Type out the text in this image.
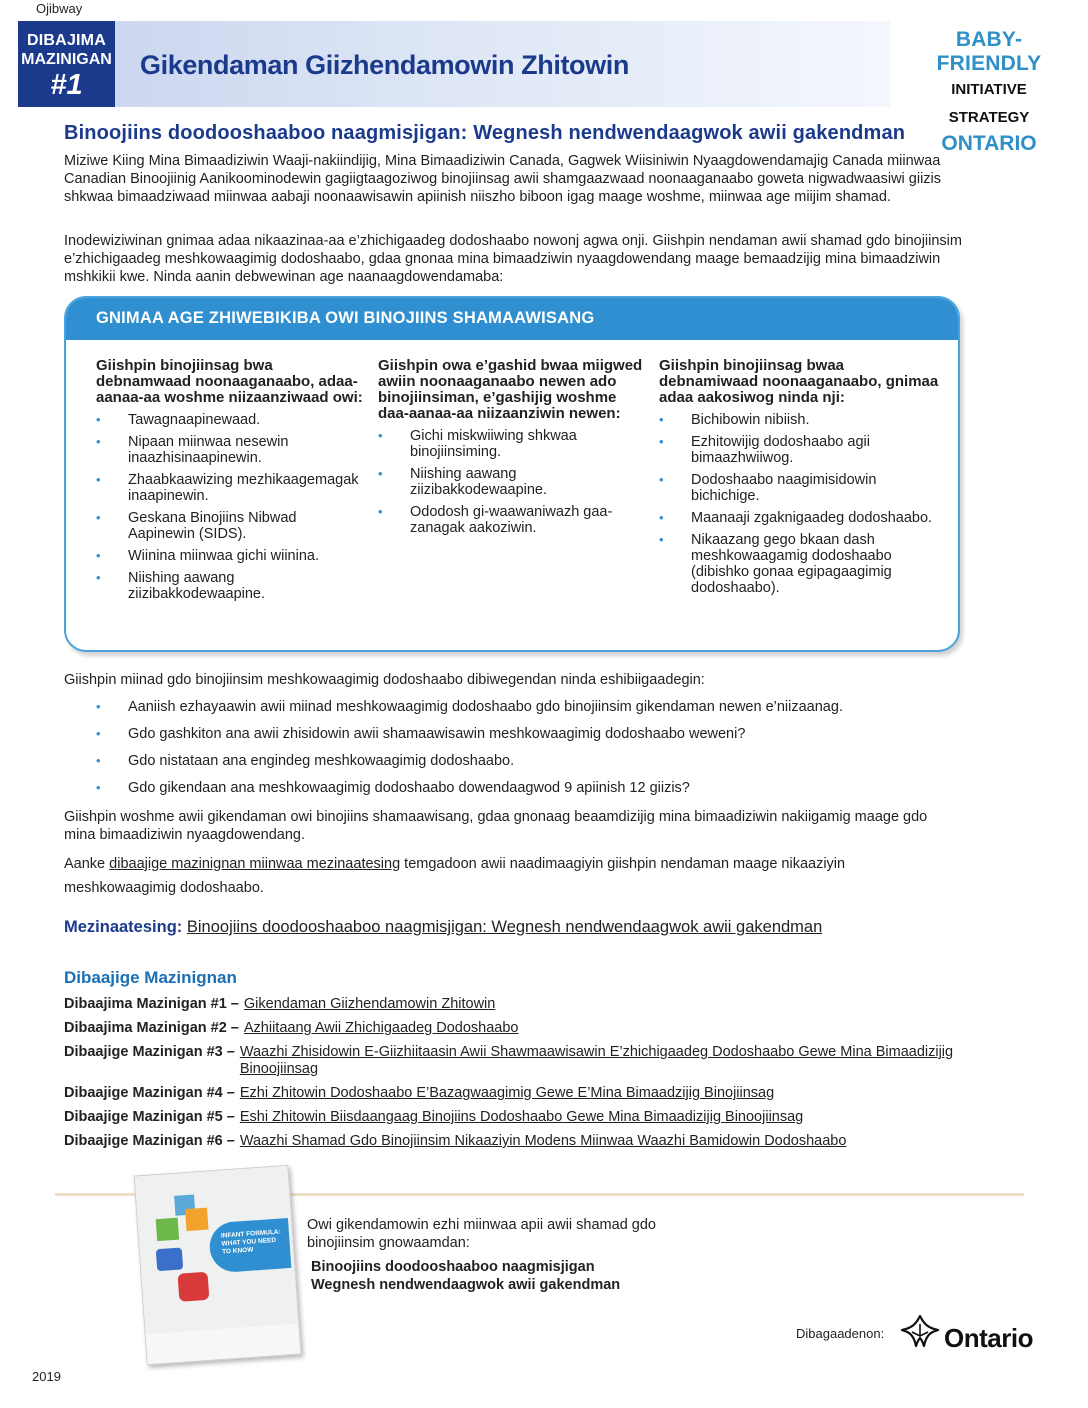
Ojibway
DIBAJIMA
MAZINIGAN
#1
Gikendaman Giizhendamowin Zhitowin
BABY-FRIENDLY
INITIATIVE STRATEGY
ONTARIO
Binoojiins doodooshaaboo naagmisjigan: Wegnesh nendwendaagwok awii gakendman

Miziwe Kiing Mina Bimaadiziwin Waaji-nakiindijig, Mina Bimaadiziwin Canada, Gagwek Wiisiniwin Nyaagdowendamajig Canada miinwaa Canadian Binoojiinig Aanikoominodewin gagiigtaagoziwog binojiinsag awii shamgaazwaad noonaaganaabo goweta nigwadwaasiwi giizis shkwaa bimaadziwaad miinwaa aabaji noonaawisawin apiinish niiszho biboon igag maage woshme, miinwaa age miijim shamad.

Inodewiziwinan gnimaa adaa nikaazinaa-aa e’zhichigaadeg dodoshaabo nowonj agwa onji. Giishpin nendaman awii shamad gdo binojiinsim e’zhichigaadeg meshkowaagimig dodoshaabo, gdaa gnonaa mina bimaadziwin nyaagdowendang maage bemaadzijig mina bimaadziwin mshkikii kwe. Ninda aanin debwewinan age naanaagdowendamaba:

GNIMAA AGE ZHIWEBIKIBA OWI BINOJIINS SHAMAAWISANG
Giishpin binojiinsag bwa debnamwaad noonaaganaabo, adaa-aanaa-aa woshme niizaanziwaad owi:
• Tawagnaapinewaad.
• Nipaan miinwaa nesewin inaazhisinaapinewin.
• Zhaabkaawizing mezhikaagemagak inaapinewin.
• Geskana Binojiins Nibwad Aapinewin (SIDS).
• Wiinina miinwaa gichi wiinina.
• Niishing aawang ziizibakkodewaapine.
Giishpin owa e’gashid bwaa miigwed awiin noonaaganaabo newen ado binojiinsiman, e’gashijig woshme daa-aanaa-aa niizaanziwin newen:
• Gichi miskwiiwing shkwaa binojiinsiming.
• Niishing aawang ziizibakkodewaapine.
• Ododosh gi-waawaniwazh gaa-zanagak aakoziwin.
Giishpin binojiinsag bwaa debnamiwaad noonaaganaabo, gnimaa adaa aakosiwog ninda nji:
• Bichibowin nibiish.
• Ezhitowijig dodoshaabo agii bimaazhwiiwog.
• Dodoshaabo naagimisidowin bichichige.
• Maanaaji zgaknigaadeg dodoshaabo.
• Nikaazang gego bkaan dash meshkowaagamig dodoshaabo (dibishko gonaa egipagaagimig dodoshaabo).
Giishpin miinad gdo binojiinsim meshkowaagimig dodoshaabo dibiwegendan ninda eshibiigaadegin:
• Aaniish ezhayaawin awii miinad meshkowaagimig dodoshaabo gdo binojiinsim gikendaman newen e’niizaanag.
• Gdo gashkiton ana awii zhisidowin awii shamaawisawin meshkowaagimig dodoshaabo weweni?
• Gdo nistataan ana engindeg meshkowaagimig dodoshaabo.
• Gdo gikendaan ana meshkowaagimig dodoshaabo dowendaagwod 9 apiinish 12 giizis?

Giishpin woshme awii gikendaman owi binojiins shamaawisang, gdaa gnonaag beaamdizijig mina bimaadiziwin nakiigamig maage gdo mina bimaadiziwin nyaagdowendang.

Aanke dibaajige mazinignan miinwaa mezinaatesing temgadoon awii naadimaagiyin giishpin nendaman maage nikaaziyin meshkowaagimig dodoshaabo.

Mezinaatesing: Binoojiins doodooshaaboo naagmisjigan: Wegnesh nendwendaagwok awii gakendman
Dibaajige Mazinignan
Dibaajima Mazinigan #1 – Gikendaman Giizhendamowin Zhitowin
Dibaajima Mazinigan #2 – Azhiitaang Awii Zhichigaadeg Dodoshaabo
Dibaajige Mazinigan #3 – Waazhi Zhisidowin E-Giizhiitaasin Awii Shawmaawisawin E’zhichigaadeg Dodoshaabo Gewe Mina Bimaadizijig Binoojiinsag
Dibaajige Mazinigan #4 – Ezhi Zhitowin Dodoshaabo E’Bazagwaagimig Gewe E’Mina Bimaadzijig Binojiinsag
Dibaajige Mazinigan #5 – Eshi Zhitowin Biisdaangaag Binojiins Dodoshaabo Gewe Mina Bimaadizijig Binoojiinsag
Dibaajige Mazinigan #6 – Waazhi Shamad Gdo Binojiinsim Nikaaziyin Modens Miinwaa Waazhi Bamidowin Dodoshaabo
INFANT FORMULA: WHAT YOU NEED TO KNOW
Owi gikendamowin ezhi miinwaa apii awii shamad gdo binojiinsim gnowaamdan:
Binoojiins doodooshaaboo naagmisjigan
Wegnesh nendwendaagwok awii gakendman
Dibagaadenon: Ontario
2019
